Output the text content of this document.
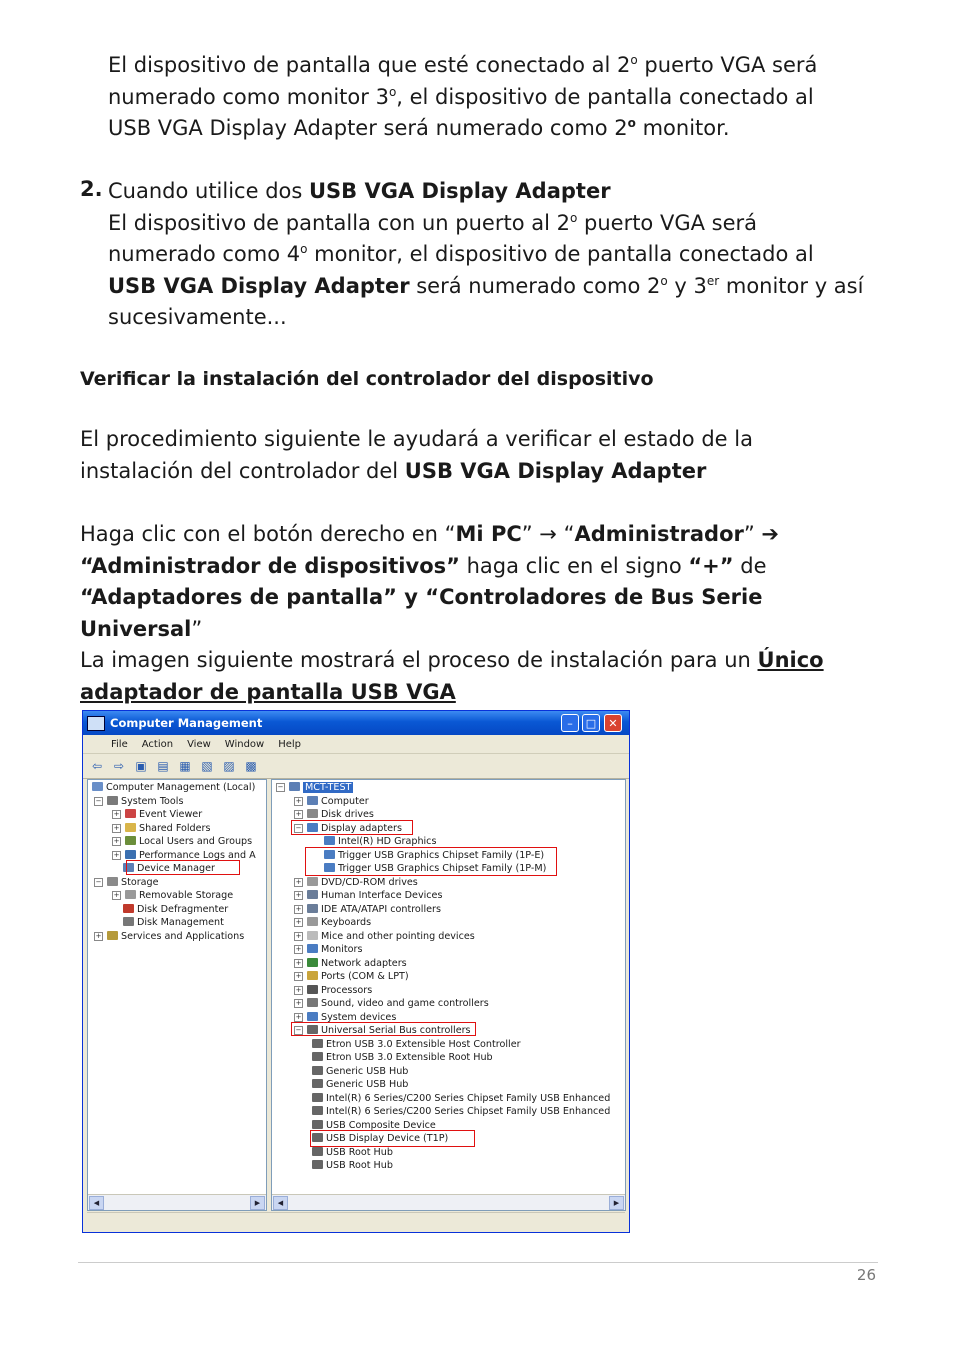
El dispositivo de pantalla que esté conectado al 2$^o$ puerto VGA será
numerado como monitor 3$^o$, el dispositivo de pantalla conectado al
USB VGA Display Adapter será numerado como 2$^o$ monitor.
2. Cuando utilice dos USB VGA Display Adapter
El dispositivo de pantalla con un puerto al 2$^o$ puerto VGA será
numerado como 4$^o$ monitor, el dispositivo de pantalla conectado al
USB VGA Display Adapter será numerado como 2$^o$ y 3er monitor y así
sucesivamente...
Verificar la instalación del controlador del dispositivo
El procedimiento siguiente le ayudará a verificar el estado de la
instalación del controlador del USB VGA Display Adapter
Haga clic con el botón derecho en “Mi PC” → “Administrador” ➔
“Administrador de dispositivos” haga clic en el signo “+” de
“Adaptadores de pantalla” y “Controladores de Bus Serie Universal”
La imagen siguiente mostrará el proceso de instalación para un Único
adaptador de pantalla USB VGA
Computer Management	–	□	✕
File Action View Window Help
⇦ ⇨ ▣ ▤ ▦ ▧ ▨ ▩
Computer Management (Local)
− System Tools
+ Event Viewer
+ Shared Folders
+ Local Users and Groups
+ Performance Logs and A
Device Manager
− Storage
+ Removable Storage
Disk Defragmenter
Disk Management
+ Services and Applications
◀	▶
− MCT-TEST
+ Computer
+ Disk drives
− Display adapters
Intel(R) HD Graphics
Trigger USB Graphics Chipset Family (1P-E)
Trigger USB Graphics Chipset Family (1P-M)
+ DVD/CD-ROM drives
+ Human Interface Devices
+ IDE ATA/ATAPI controllers
+ Keyboards
+ Mice and other pointing devices
+ Monitors
+ Network adapters
+ Ports (COM & LPT)
+ Processors
+ Sound, video and game controllers
+ System devices
− Universal Serial Bus controllers
Etron USB 3.0 Extensible Host Controller
Etron USB 3.0 Extensible Root Hub
Generic USB Hub
Generic USB Hub
Intel(R) 6 Series/C200 Series Chipset Family USB Enhanced
Intel(R) 6 Series/C200 Series Chipset Family USB Enhanced
USB Composite Device
USB Display Device (T1P)
USB Root Hub
USB Root Hub
◀	▶
26
